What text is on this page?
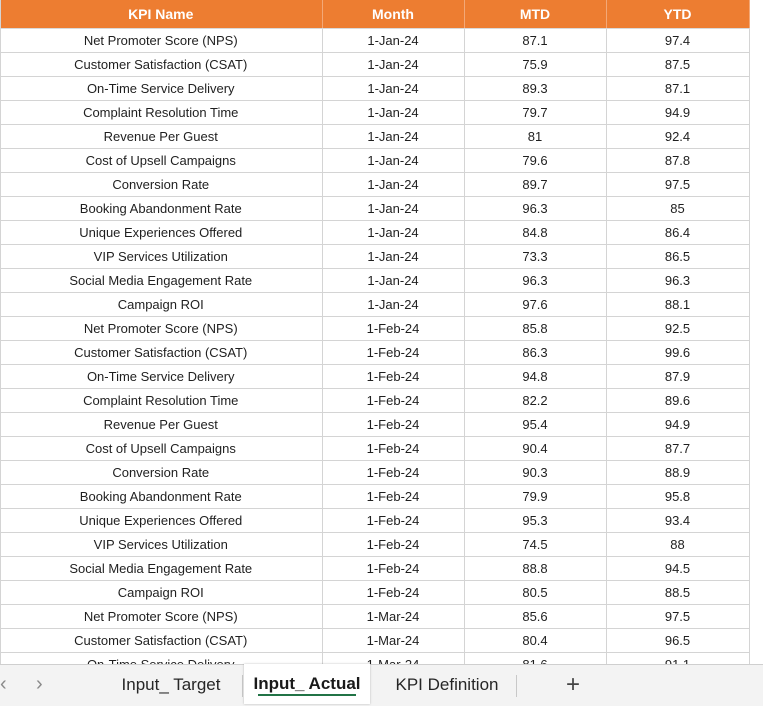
KPI Name	Month	MTD	YTD
Net Promoter Score (NPS)	1-Jan-24	87.1	97.4
Customer Satisfaction (CSAT)	1-Jan-24	75.9	87.5
On-Time Service Delivery	1-Jan-24	89.3	87.1
Complaint Resolution Time	1-Jan-24	79.7	94.9
Revenue Per Guest	1-Jan-24	81	92.4
Cost of Upsell Campaigns	1-Jan-24	79.6	87.8
Conversion Rate	1-Jan-24	89.7	97.5
Booking Abandonment Rate	1-Jan-24	96.3	85
Unique Experiences Offered	1-Jan-24	84.8	86.4
VIP Services Utilization	1-Jan-24	73.3	86.5
Social Media Engagement Rate	1-Jan-24	96.3	96.3
Campaign ROI	1-Jan-24	97.6	88.1
Net Promoter Score (NPS)	1-Feb-24	85.8	92.5
Customer Satisfaction (CSAT)	1-Feb-24	86.3	99.6
On-Time Service Delivery	1-Feb-24	94.8	87.9
Complaint Resolution Time	1-Feb-24	82.2	89.6
Revenue Per Guest	1-Feb-24	95.4	94.9
Cost of Upsell Campaigns	1-Feb-24	90.4	87.7
Conversion Rate	1-Feb-24	90.3	88.9
Booking Abandonment Rate	1-Feb-24	79.9	95.8
Unique Experiences Offered	1-Feb-24	95.3	93.4
VIP Services Utilization	1-Feb-24	74.5	88
Social Media Engagement Rate	1-Feb-24	88.8	94.5
Campaign ROI	1-Feb-24	80.5	88.5
Net Promoter Score (NPS)	1-Mar-24	85.6	97.5
Customer Satisfaction (CSAT)	1-Mar-24	80.4	96.5

‹ ›	Input_ Target	Input_ Actual	KPI Definition	+
